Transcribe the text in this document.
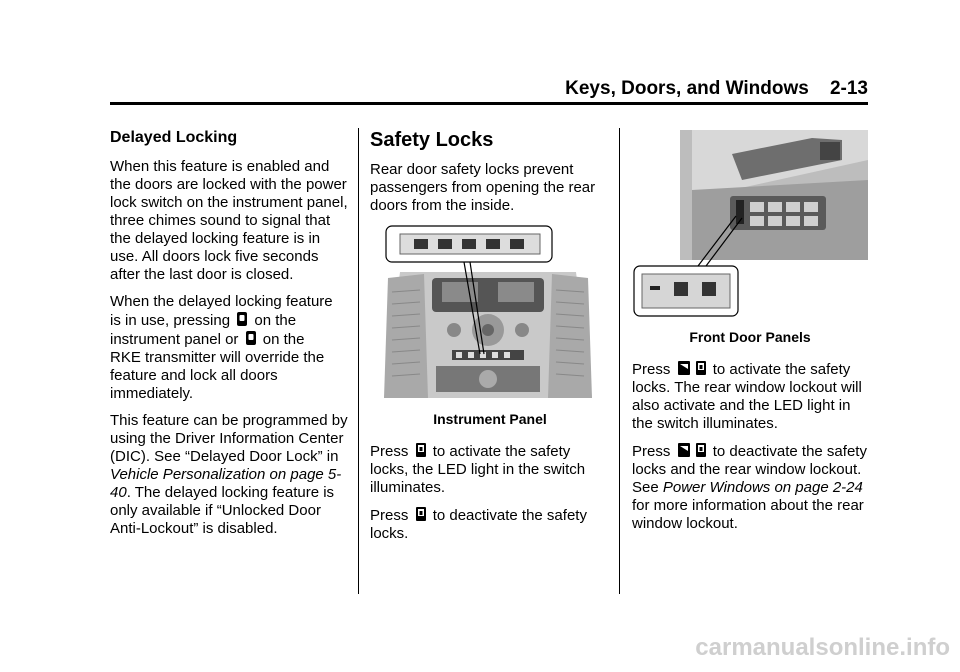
Keys, Doors, and Windows 2-13
Delayed Locking

When this feature is enabled and the doors are locked with the power lock switch on the instrument panel, three chimes sound to signal that the delayed locking feature is in use. All doors lock five seconds after the last door is closed.

When the delayed locking feature
is in use, pressing on the
instrument panel or on the
RKE transmitter will override the feature and lock all doors immediately.

This feature can be programmed by using the Driver Information Center (DIC). See “Delayed Door Lock” in Vehicle Personalization on page 5-40. The delayed locking feature is only available if “Unlocked Door Anti-Lockout” is disabled.

Safety Locks

Rear door safety locks prevent passengers from opening the rear doors from the inside.

Instrument Panel

Press to activate the safety locks, the LED light in the switch illuminates.

Press to deactivate the safety locks.

Front Door Panels

Press	to activate the safety locks. The rear window lockout will also activate and the LED light in the switch illuminates.

Press	to deactivate the safety locks and the rear window lockout. See Power Windows on page 2-24 for more information about the rear window lockout.

carmanualsonline.info
